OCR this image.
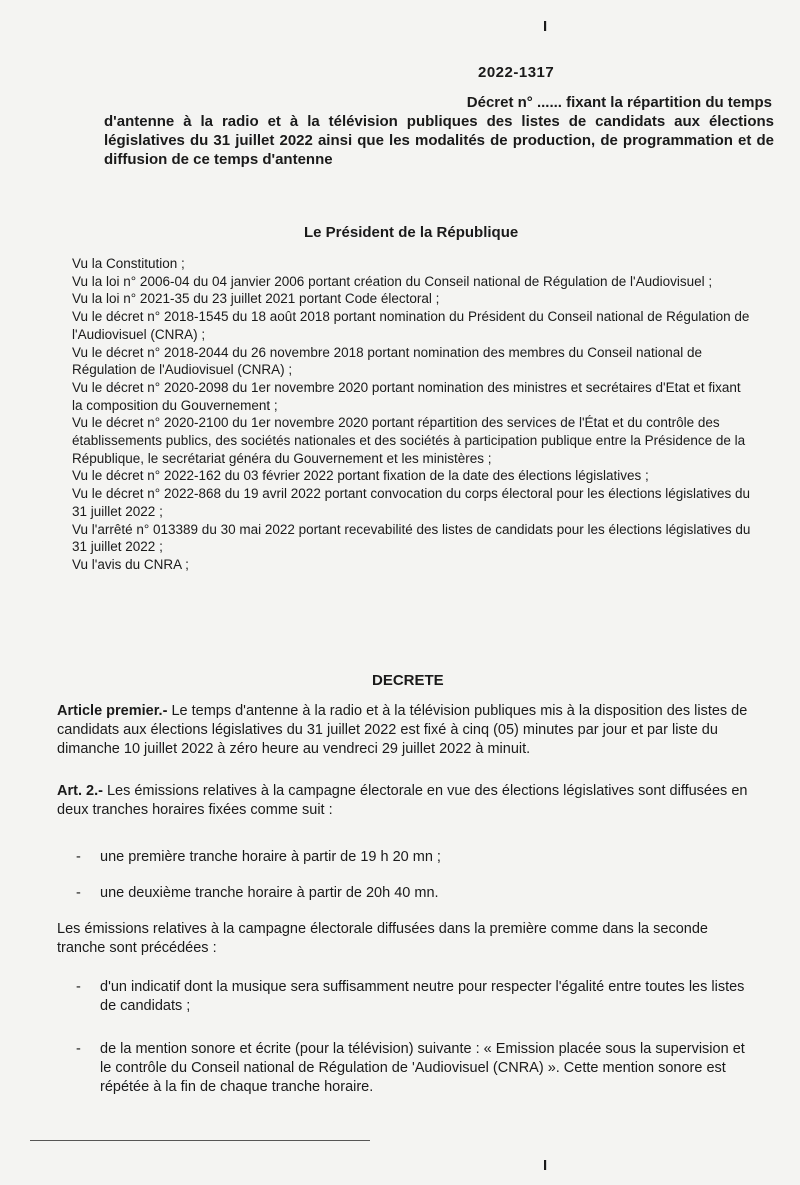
I
2022-1317
Décret n° ...... fixant la répartition du temps
d'antenne à la radio et à la télévision publiques des listes de candidats aux élections législatives du 31 juillet 2022 ainsi que les modalités de production, de programmation et de diffusion de ce temps d'antenne
Le Président de la République

Vu la Constitution ;

Vu la loi n° 2006-04 du 04 janvier 2006 portant création du Conseil national de Régulation de l'Audiovisuel ;

Vu la loi n° 2021-35 du 23 juillet 2021 portant Code électoral ;

Vu le décret n° 2018-1545 du 18 août 2018 portant nomination du Président du Conseil national de Régulation de l'Audiovisuel (CNRA) ;

Vu le décret n° 2018-2044 du 26 novembre 2018 portant nomination des membres du Conseil national de Régulation de l'Audiovisuel (CNRA) ;

Vu le décret n° 2020-2098 du 1er novembre 2020 portant nomination des ministres et secrétaires d'Etat et fixant la composition du Gouvernement ;

Vu le décret n° 2020-2100 du 1er novembre 2020 portant répartition des services de l'État et du contrôle des établissements publics, des sociétés nationales et des sociétés à participation publique entre la Présidence de la République, le secrétariat généra du Gouvernement et les ministères ;

Vu le décret n° 2022-162 du 03 février 2022 portant fixation de la date des élections législatives ;

Vu le décret n° 2022-868 du 19 avril 2022 portant convocation du corps électoral pour les élections législatives du 31 juillet 2022 ;

Vu l'arrêté n° 013389 du 30 mai 2022 portant recevabilité des listes de candidats pour les élections législatives du 31 juillet 2022 ;

Vu l'avis du CNRA ;

DECRETE
Article premier.- Le temps d'antenne à la radio et à la télévision publiques mis à la disposition des listes de candidats aux élections législatives du 31 juillet 2022 est fixé à cinq (05) minutes par jour et par liste du dimanche 10 juillet 2022 à zéro heure au vendreci 29 juillet 2022 à minuit.
Art. 2.- Les émissions relatives à la campagne électorale en vue des élections législatives sont diffusées en deux tranches horaires fixées comme suit :
-	une première tranche horaire à partir de 19 h 20 mn ;
-	une deuxième tranche horaire à partir de 20h 40 mn.
Les émissions relatives à la campagne électorale diffusées dans la première comme dans la seconde tranche sont précédées :
-	d'un indicatif dont la musique sera suffisamment neutre pour respecter l'égalité entre toutes les listes de candidats ;
-	de la mention sonore et écrite (pour la télévision) suivante : « Emission placée sous la supervision et le contrôle du Conseil national de Régulation de 'Audiovisuel (CNRA) ». Cette mention sonore est répétée à la fin de chaque tranche horaire.
I
